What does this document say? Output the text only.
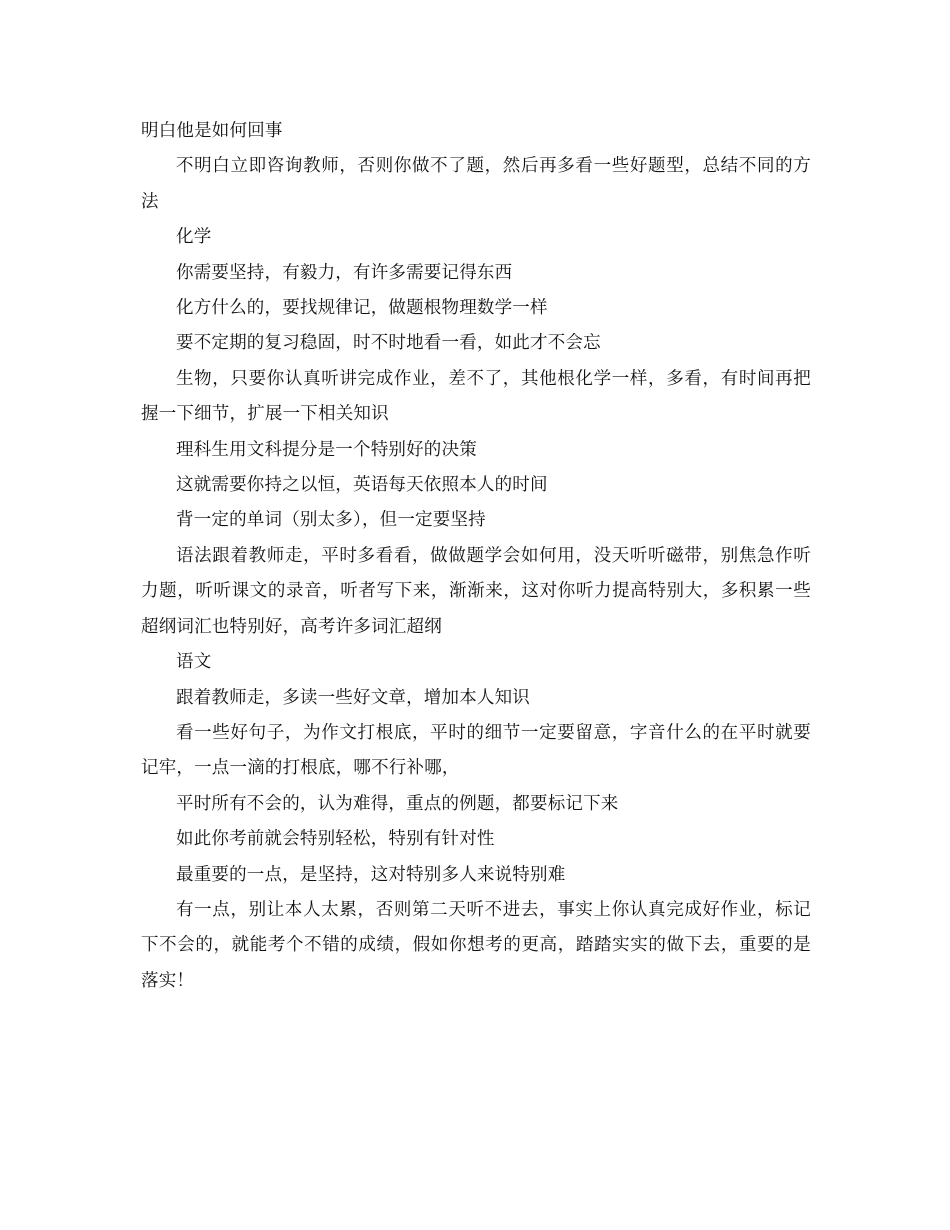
明白他是如何回事

不明白立即咨询教师，否则你做不了题，然后再多看一些好题型，总结不同的方法

化学

你需要坚持，有毅力，有许多需要记得东西

化方什么的，要找规律记，做题根物理数学一样

要不定期的复习稳固，时不时地看一看，如此才不会忘

生物，只要你认真听讲完成作业，差不了，其他根化学一样，多看，有时间再把握一下细节，扩展一下相关知识

理科生用文科提分是一个特别好的决策

这就需要你持之以恒，英语每天依照本人的时间

背一定的单词（别太多），但一定要坚持

语法跟着教师走，平时多看看，做做题学会如何用，没天听听磁带，别焦急作听力题，听听课文的录音，听者写下来，渐渐来，这对你听力提高特别大，多积累一些超纲词汇也特别好，高考许多词汇超纲

语文

跟着教师走，多读一些好文章，增加本人知识

看一些好句子，为作文打根底，平时的细节一定要留意，字音什么的在平时就要记牢，一点一滴的打根底，哪不行补哪，

平时所有不会的，认为难得，重点的例题，都要标记下来

如此你考前就会特别轻松，特别有针对性

最重要的一点，是坚持，这对特别多人来说特别难

有一点，别让本人太累，否则第二天听不进去，事实上你认真完成好作业，标记下不会的，就能考个不错的成绩，假如你想考的更高，踏踏实实的做下去，重要的是落实！
